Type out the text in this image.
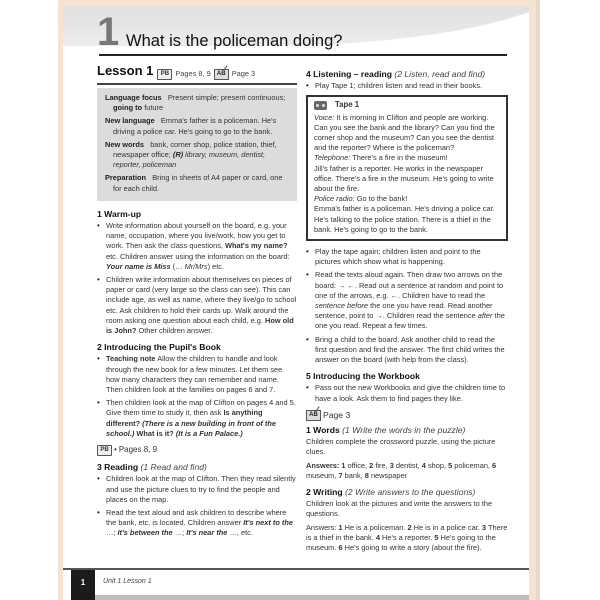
1 What is the policeman doing?
Lesson 1	PB Pages 8, 9	AB Page 3
Language focus Present simple; present continuous; going to future
New language Emma's father is a policeman. He's driving a police car. He's going to go to the bank.
New words bank, corner shop, police station, thief, newspaper office; (R) library, museum, dentist, reporter, policeman
Preparation Bring in sheets of A4 paper or card, one for each child.
1 Warm-up
• Write information about yourself on the board, e.g. your name, occupation, where you live/work, how you get to work. Then ask the class questions, What's my name? etc. Children answer using the information on the board: Your name is Miss (… Mr/Mrs) etc.
• Children write information about themselves on pieces of paper or card (very large so the class can see). This can include age, as well as name, where they live/go to school etc. Ask children to hold their cards up. Walk around the room asking one question about each child, e.g. How old is John? Other children answer.
2 Introducing the Pupil's Book
• Teaching note Allow the children to handle and look through the new book for a few minutes. Let them see how many characters they can remember and name. Then children look at the families on pages 6 and 7.
• Then children look at the map of Clifton on pages 4 and 5. Give them time to study it, then ask Is anything different? (There is a new building in front of the school.) What is it? (It is a Fun Palace.)
PB • Pages 8, 9
3 Reading (1 Read and find)
• Children look at the map of Clifton. Then they read silently and use the picture clues to try to find the people and places on the map.
• Read the text aloud and ask children to describe where the bank, etc. is located. Children answer It's next to the …; It's between the …; It's near the …, etc.
4 Listening – reading (2 Listen, read and find)
• Play Tape 1; children listen and read in their books.
Tape 1
Voice: It is morning in Clifton and people are working. Can you see the bank and the library? Can you find the corner shop and the museum? Can you see the dentist and the reporter? Where is the policeman?
Telephone: There's a fire in the museum!
Jill's father is a reporter. He works in the newspaper office. There's a fire in the museum. He's going to write about the fire.
Police radio: Go to the bank!
Emma's father is a policeman. He's driving a police car. He's talking to the police station. There is a thief in the bank. He's going to go to the bank.
• Play the tape again; children listen and point to the pictures which show what is happening.
• Read the texts aloud again. Then draw two arrows on the board: → ←. Read out a sentence at random and point to one of the arrows, e.g. ←. Children have to read the sentence before the one you have read. Read another sentence, point to →. Children read the sentence after the one you read. Repeat a few times.
• Bring a child to the board. Ask another child to read the first question and find the answer. The first child writes the answer on the board (with help from the class).
5 Introducing the Workbook
• Pass out the new Workbooks and give the children time to have a look. Ask them to find pages they like.
AB Page 3
1 Words (1 Write the words in the puzzle)
Children complete the crossword puzzle, using the picture clues.
Answers: 1 office, 2 fire, 3 dentist, 4 shop, 5 policeman, 6 museum, 7 bank, 8 newspaper
2 Writing (2 Write answers to the questions)
Children look at the pictures and write the answers to the questions.
Answers: 1 He is a policeman. 2 He is in a police car. 3 There is a thief in the bank. 4 He's a reporter. 5 He's going to the museum. 6 He's going to write a story (about the fire).
1	Unit 1 Lesson 1
